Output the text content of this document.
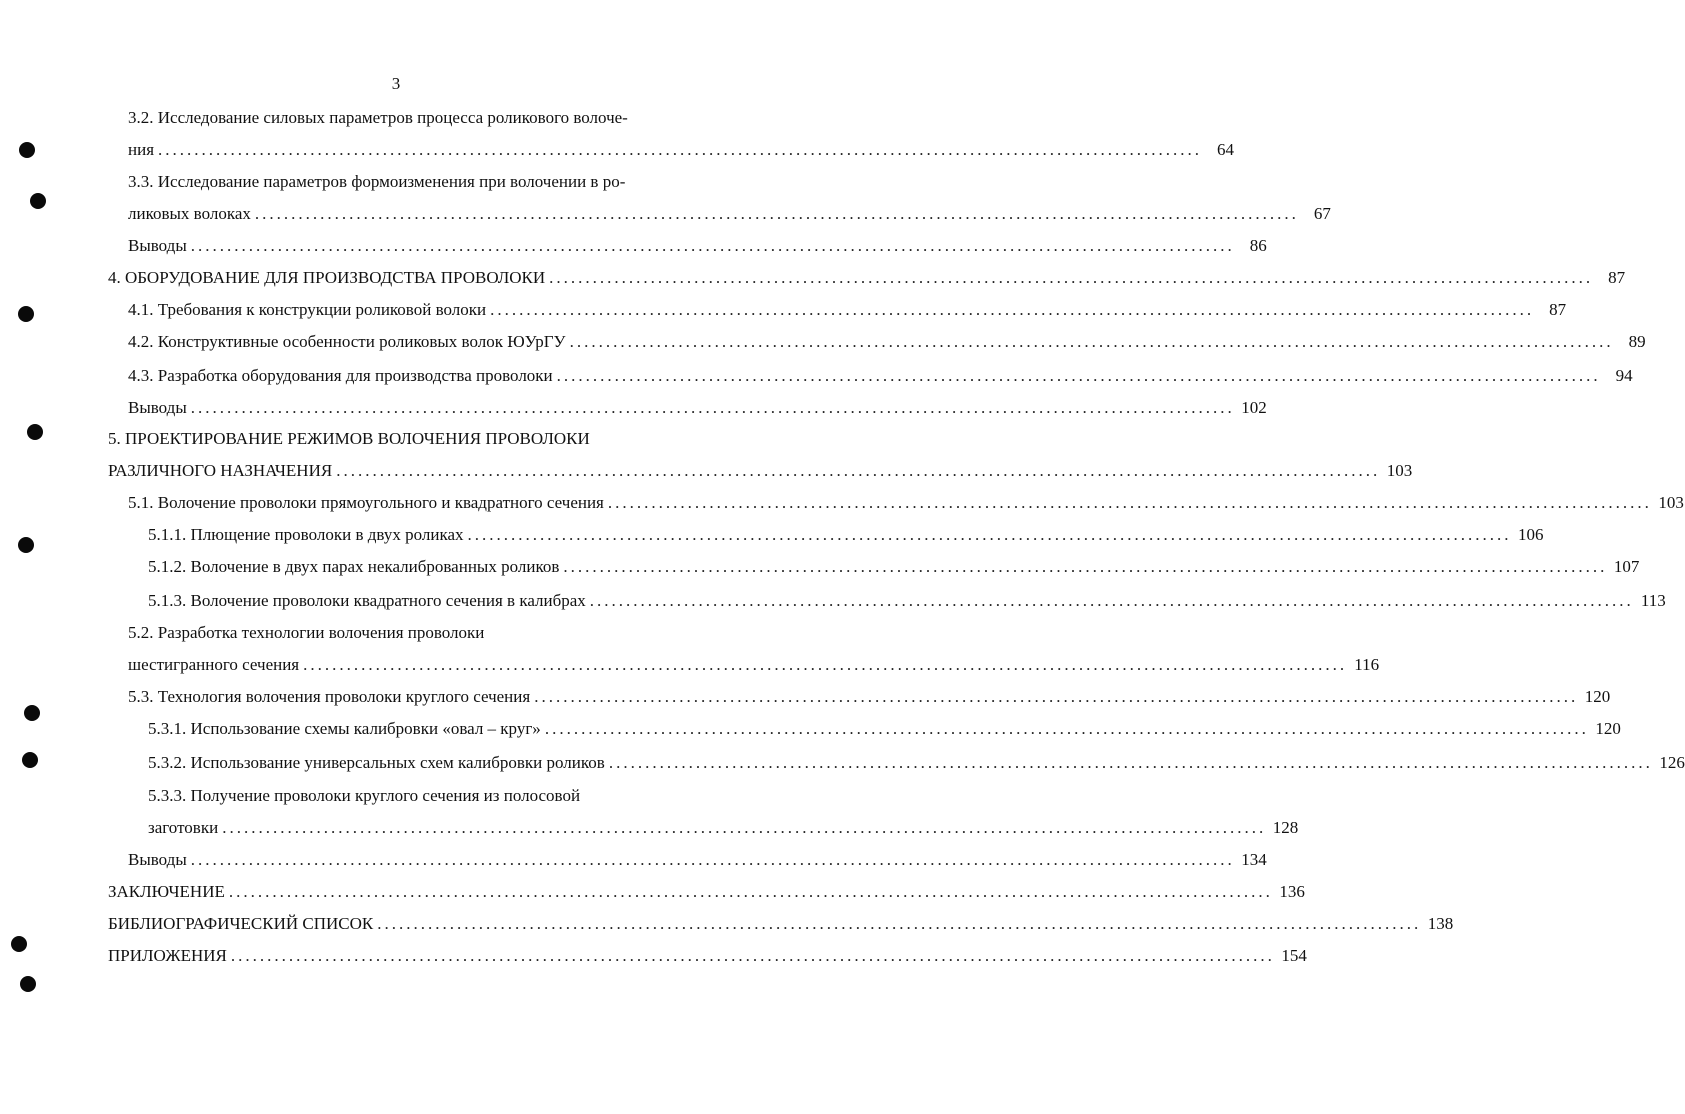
3
3.2. Исследование силовых параметров процесса роликового волоче-
ния ................................................................................................................................................ 64
3.3. Исследование параметров формоизменения при волочении в ро-
ликовых волоках ................................................................................................................................................ 67
Выводы ................................................................................................................................................ 86
4. ОБОРУДОВАНИЕ ДЛЯ ПРОИЗВОДСТВА ПРОВОЛОКИ ................................................................................................................................................ 87
4.1. Требования к конструкции роликовой волоки ................................................................................................................................................ 87
4.2. Конструктивные особенности роликовых волок ЮУрГУ ................................................................................................................................................ 89
4.3. Разработка оборудования для производства проволоки ................................................................................................................................................ 94
Выводы ................................................................................................................................................ 102
5. ПРОЕКТИРОВАНИЕ РЕЖИМОВ ВОЛОЧЕНИЯ ПРОВОЛОКИ
РАЗЛИЧНОГО НАЗНАЧЕНИЯ ................................................................................................................................................ 103
5.1. Волочение проволоки прямоугольного и квадратного сечения ................................................................................................................................................ 103
5.1.1. Плющение проволоки в двух роликах ................................................................................................................................................ 106
5.1.2. Волочение в двух парах некалиброванных роликов ................................................................................................................................................ 107
5.1.3. Волочение проволоки квадратного сечения в калибрах ................................................................................................................................................ 113
5.2. Разработка технологии волочения проволоки
шестигранного сечения ................................................................................................................................................ 116
5.3. Технология волочения проволоки круглого сечения ................................................................................................................................................ 120
5.3.1. Использование схемы калибровки «овал – круг» ................................................................................................................................................ 120
5.3.2. Использование универсальных схем калибровки роликов ................................................................................................................................................ 126
5.3.3. Получение проволоки круглого сечения из полосовой
заготовки ................................................................................................................................................ 128
Выводы ................................................................................................................................................ 134
ЗАКЛЮЧЕНИЕ ................................................................................................................................................ 136
БИБЛИОГРАФИЧЕСКИЙ СПИСОК ................................................................................................................................................ 138
ПРИЛОЖЕНИЯ ................................................................................................................................................ 154
